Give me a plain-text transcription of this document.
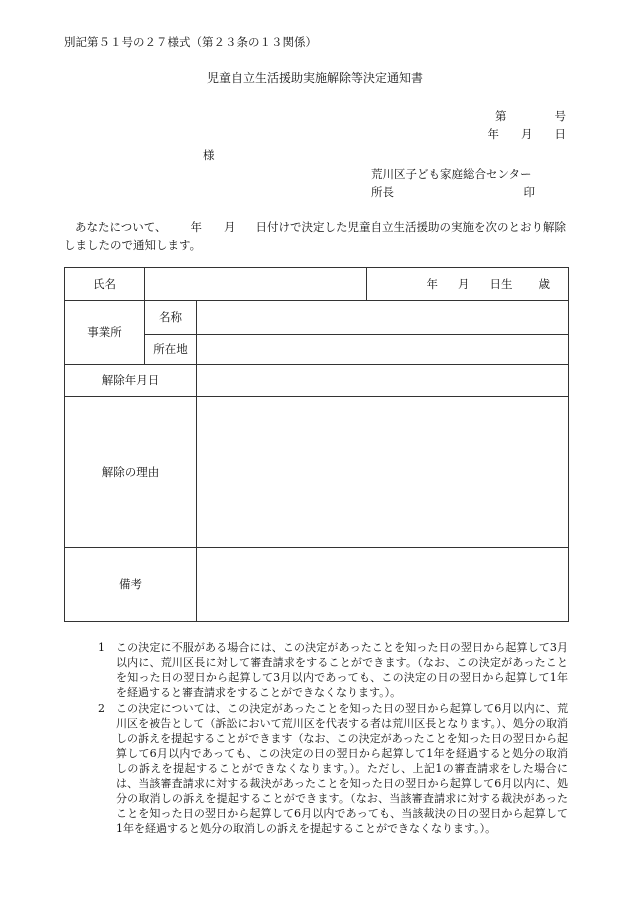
別記第５１号の２７様式（第２３条の１３関係）
児童自立生活援助実施解除等決定通知書
第	号
年 月 日
様
荒川区子ども家庭総合センター
所長	印
あなたについて、 年 月 日付けで決定した児童自立生活援助の実施を次のとおり解除しましたので通知します。
氏名			年 月 日生 歳
事業所	名称		
	所在地		
解除年月日			
解除の理由			
備考			
1	この決定に不服がある場合には、この決定があったことを知った日の翌日から起算して3月以内に、荒川区長に対して審査請求をすることができます。（なお、この決定があったことを知った日の翌日から起算して3月以内であっても、この決定の日の翌日から起算して1年を経過すると審査請求をすることができなくなります。）。
2	この決定については、この決定があったことを知った日の翌日から起算して6月以内に、荒川区を被告として（訴訟において荒川区を代表する者は荒川区長となります。）、処分の取消しの訴えを提起することができます（なお、この決定があったことを知った日の翌日から起算して6月以内であっても、この決定の日の翌日から起算して1年を経過すると処分の取消しの訴えを提起することができなくなります。）。ただし、上記1の審査請求をした場合には、当該審査請求に対する裁決があったことを知った日の翌日から起算して6月以内に、処分の取消しの訴えを提起することができます。（なお、当該審査請求に対する裁決があったことを知った日の翌日から起算して6月以内であっても、当該裁決の日の翌日から起算して1年を経過すると処分の取消しの訴えを提起することができなくなります。）。
